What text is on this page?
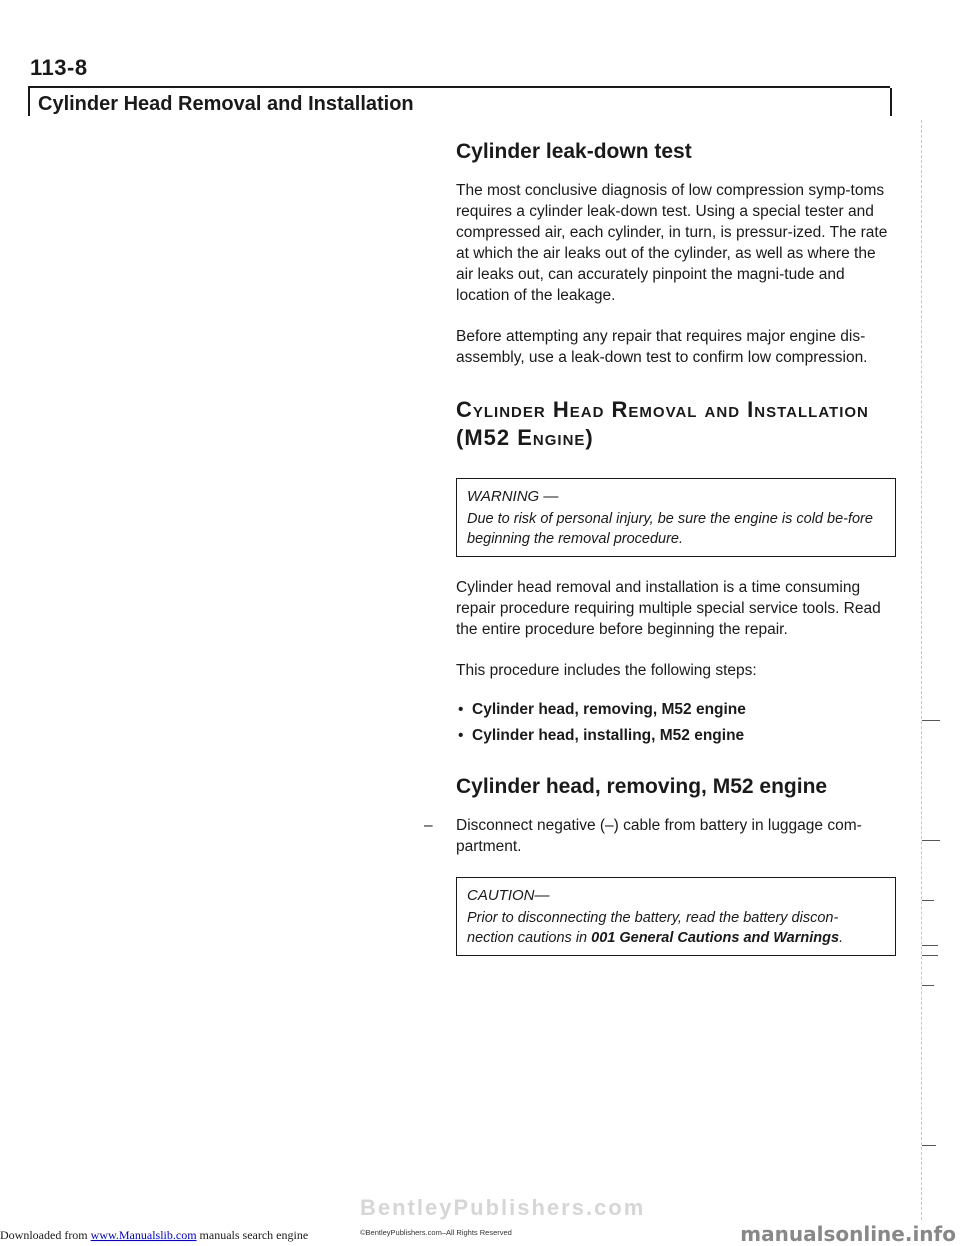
113-8
Cylinder Head Removal and Installation
Cylinder leak-down test

The most conclusive diagnosis of low compression symp-toms requires a cylinder leak-down test. Using a special tester and compressed air, each cylinder, in turn, is pressur-ized. The rate at which the air leaks out of the cylinder, as well as where the air leaks out, can accurately pinpoint the magni-tude and location of the leakage.

Before attempting any repair that requires major engine dis-assembly, use a leak-down test to confirm low compression.

Cylinder Head Removal and Installation (M52 Engine)
WARNING —
Due to risk of personal injury, be sure the engine is cold be-fore beginning the removal procedure.

Cylinder head removal and installation is a time consuming repair procedure requiring multiple special service tools. Read the entire procedure before beginning the repair.

This procedure includes the following steps:

• Cylinder head, removing, M52 engine
• Cylinder head, installing, M52 engine
Cylinder head, removing, M52 engine
– Disconnect negative (–) cable from battery in luggage com-partment.
CAUTION—
Prior to disconnecting the battery, read the battery discon-nection cautions in 001 General Cautions and Warnings.
Downloaded from www.Manualslib.com manuals search engine
BentleyPublishers.com
©BentleyPublishers.com–All Rights Reserved	manualsonline.info
